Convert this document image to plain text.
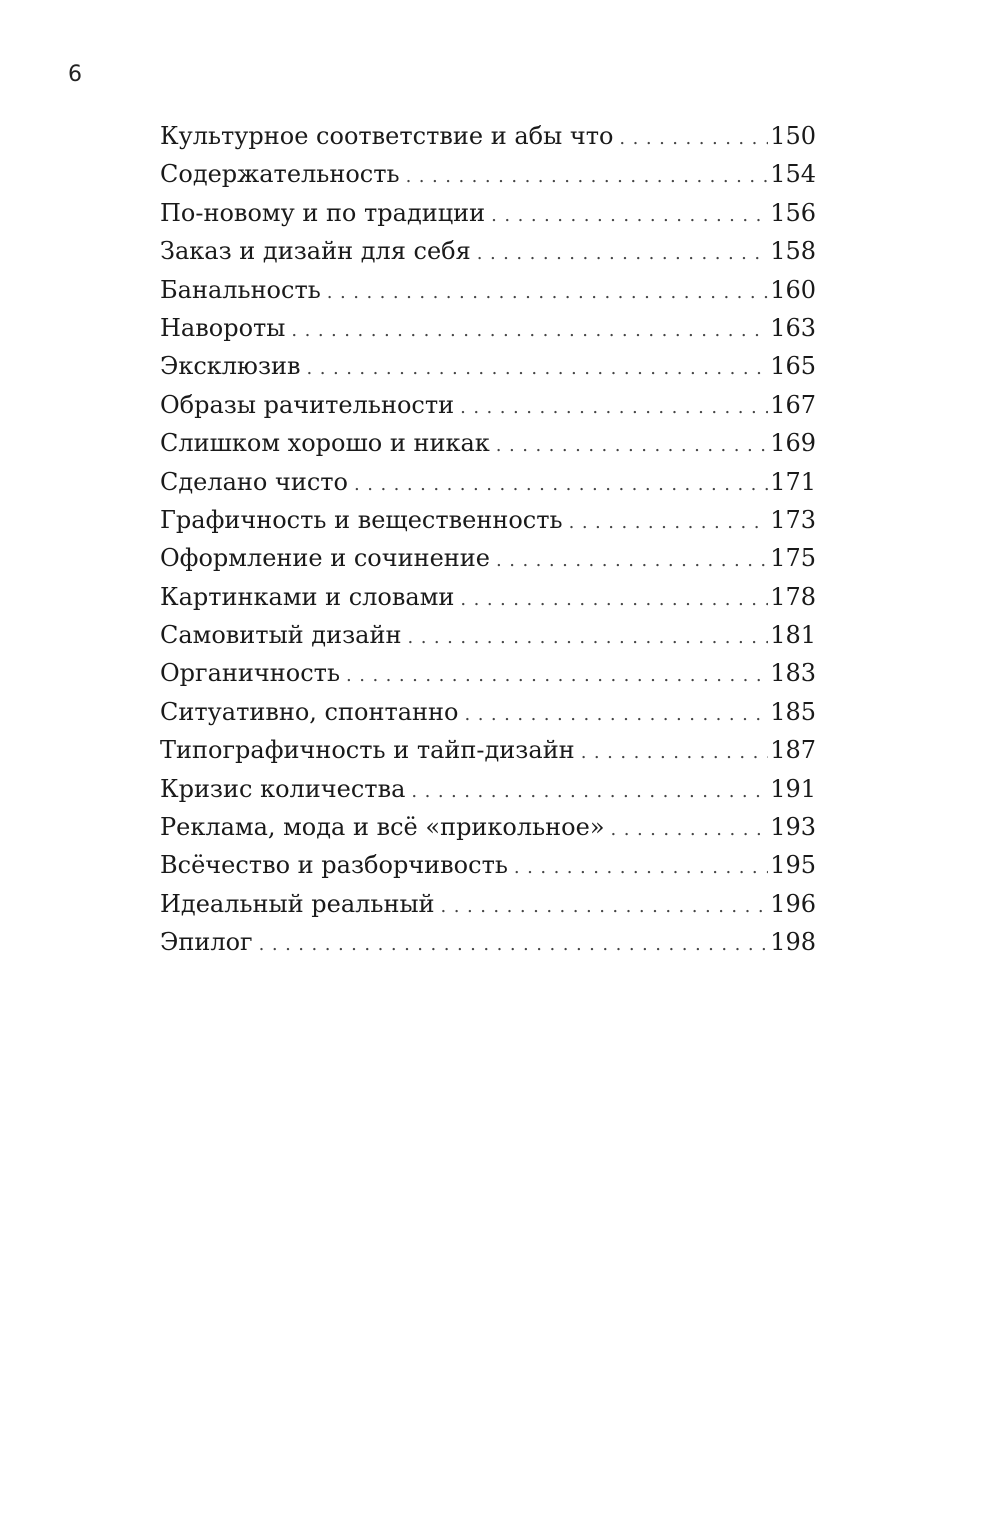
6
Культурное соответствие и абы что .....	150
Содержательность .....	154
По-новому и по традиции .....	156
Заказ и дизайн для себя .....	158
Банальность .....	160
Навороты .....	163
Эксклюзив .....	165
Образы рачительности .....	167
Слишком хорошо и никак .....	169
Сделано чисто .....	171
Графичность и вещественность .....	173
Оформление и сочинение .....	175
Картинками и словами .....	178
Самовитый дизайн .....	181
Органичность .....	183
Ситуативно, спонтанно .....	185
Типографичность и тайп-дизайн .....	187
Кризис количества .....	191
Реклама, мода и всё «прикольное» .....	193
Всёчество и разборчивость .....	195
Идеальный реальный .....	196
Эпилог .....	198
